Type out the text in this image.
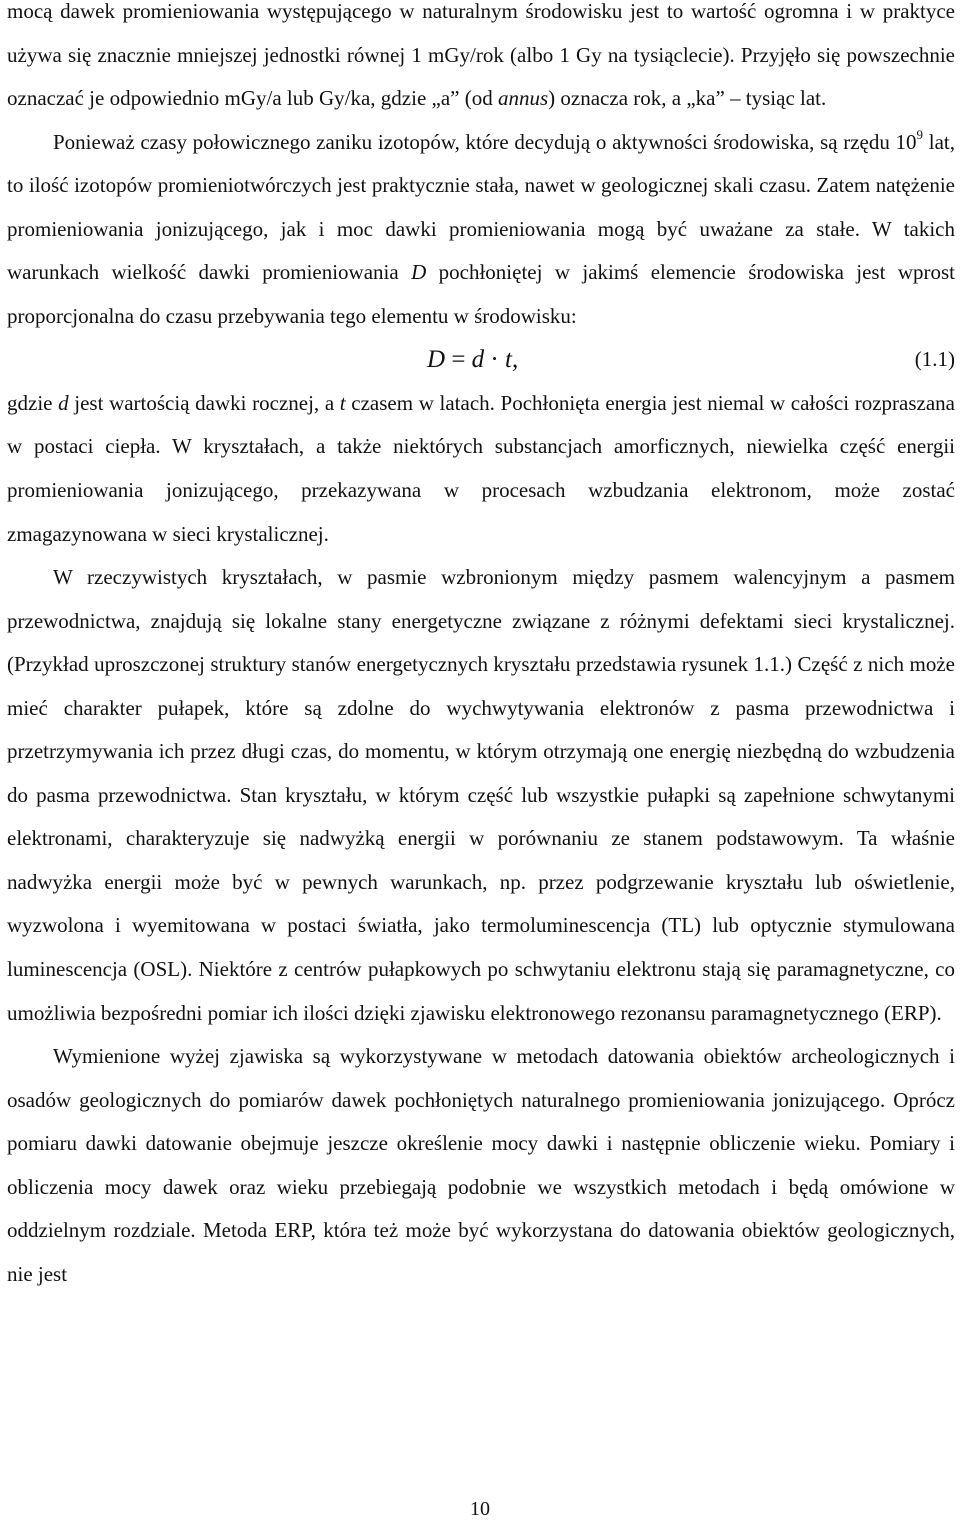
mocą dawek promieniowania występującego w naturalnym środowisku jest to wartość ogromna i w praktyce używa się znacznie mniejszej jednostki równej 1 mGy/rok (albo 1 Gy na tysiąclecie). Przyjęło się powszechnie oznaczać je odpowiednio mGy/a lub Gy/ka, gdzie „a” (od annus) oznacza rok, a „ka” – tysiąc lat.

Ponieważ czasy połowicznego zaniku izotopów, które decydują o aktywności środowiska, są rzędu $10^9$ lat, to ilość izotopów promieniotwórczych jest praktycznie stała, nawet w geologicznej skali czasu. Zatem natężenie promieniowania jonizującego, jak i moc dawki promieniowania mogą być uważane za stałe. W takich warunkach wielkość dawki promieniowania D pochłoniętej w jakimś elemencie środowiska jest wprost proporcjonalna do czasu przebywania tego elementu w środowisku:

D = d · t,	(1.1)

gdzie d jest wartością dawki rocznej, a t czasem w latach. Pochłonięta energia jest niemal w całości rozpraszana w postaci ciepła. W kryształach, a także niektórych substancjach amorficznych, niewielka część energii promieniowania jonizującego, przekazywana w procesach wzbudzania elektronom, może zostać zmagazynowana w sieci krystalicznej.

W rzeczywistych kryształach, w pasmie wzbronionym między pasmem walencyjnym a pasmem przewodnictwa, znajdują się lokalne stany energetyczne związane z różnymi defektami sieci krystalicznej. (Przykład uproszczonej struktury stanów energetycznych kryształu przedstawia rysunek 1.1.) Część z nich może mieć charakter pułapek, które są zdolne do wychwytywania elektronów z pasma przewodnictwa i przetrzymywania ich przez długi czas, do momentu, w którym otrzymają one energię niezbędną do wzbudzenia do pasma przewodnictwa. Stan kryształu, w którym część lub wszystkie pułapki są zapełnione schwytanymi elektronami, charakteryzuje się nadwyżką energii w porównaniu ze stanem podstawowym. Ta właśnie nadwyżka energii może być w pewnych warunkach, np. przez podgrzewanie kryształu lub oświetlenie, wyzwolona i wyemitowana w postaci światła, jako termoluminescencja (TL) lub optycznie stymulowana luminescencja (OSL). Niektóre z centrów pułapkowych po schwytaniu elektronu stają się paramagnetyczne, co umożliwia bezpośredni pomiar ich ilości dzięki zjawisku elektronowego rezonansu paramagnetycznego (ERP).

Wymienione wyżej zjawiska są wykorzystywane w metodach datowania obiektów archeologicznych i osadów geologicznych do pomiarów dawek pochłoniętych naturalnego promieniowania jonizującego. Oprócz pomiaru dawki datowanie obejmuje jeszcze określenie mocy dawki i następnie obliczenie wieku. Pomiary i obliczenia mocy dawek oraz wieku przebiegają podobnie we wszystkich metodach i będą omówione w oddzielnym rozdziale. Metoda ERP, która też może być wykorzystana do datowania obiektów geologicznych, nie jest

10
